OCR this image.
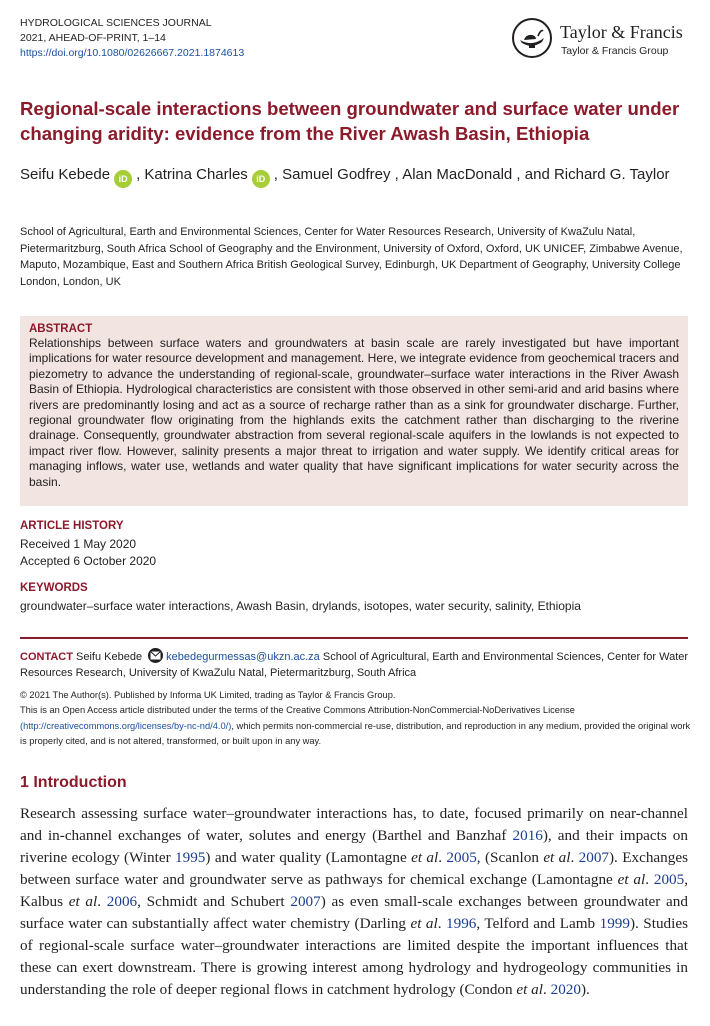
HYDROLOGICAL SCIENCES JOURNAL
2021, AHEAD-OF-PRINT, 1–14
https://doi.org/10.1080/02626667.2021.1874613
Taylor & Francis
Taylor & Francis Group
Regional-scale interactions between groundwater and surface water under changing aridity: evidence from the River Awash Basin, Ethiopia
Seifu Kebede iD , Katrina Charles iD , Samuel Godfrey , Alan MacDonald , and Richard G. Taylor
School of Agricultural, Earth and Environmental Sciences, Center for Water Resources Research, University of KwaZulu Natal, Pietermaritzburg, South Africa School of Geography and the Environment, University of Oxford, Oxford, UK UNICEF, Zimbabwe Avenue, Maputo, Mozambique, East and Southern Africa British Geological Survey, Edinburgh, UK Department of Geography, University College London, London, UK
ABSTRACT
Relationships between surface waters and groundwaters at basin scale are rarely investigated but have important implications for water resource development and management. Here, we integrate evidence from geochemical tracers and piezometry to advance the understanding of regional-scale, groundwater–surface water interactions in the River Awash Basin of Ethiopia. Hydrological characteristics are consistent with those observed in other semi-arid and arid basins where rivers are predominantly losing and act as a source of recharge rather than as a sink for groundwater discharge. Further, regional groundwater flow originating from the highlands exits the catchment rather than discharging to the riverine drainage. Consequently, groundwater abstraction from several regional-scale aquifers in the lowlands is not expected to impact river flow. However, salinity presents a major threat to irrigation and water supply. We identify critical areas for managing inflows, water use, wetlands and water quality that have significant implications for water security across the basin.
ARTICLE HISTORY
Received 1 May 2020
Accepted 6 October 2020
KEYWORDS
groundwater–surface water interactions, Awash Basin, drylands, isotopes, water security, salinity, Ethiopia
CONTACT Seifu Kebede kebedegurmessas@ukzn.ac.za School of Agricultural, Earth and Environmental Sciences, Center for Water Resources Research, University of KwaZulu Natal, Pietermaritzburg, South Africa
© 2021 The Author(s). Published by Informa UK Limited, trading as Taylor & Francis Group.
This is an Open Access article distributed under the terms of the Creative Commons Attribution-NonCommercial-NoDerivatives License
(http://creativecommons.org/licenses/by-nc-nd/4.0/), which permits non-commercial re-use, distribution, and reproduction in any medium, provided the original work is properly cited, and is not altered, transformed, or built upon in any way.
1 Introduction
Research assessing surface water–groundwater interactions has, to date, focused primarily on near-channel and in-channel exchanges of water, solutes and energy (Barthel and Banzhaf 2016), and their impacts on riverine ecology (Winter 1995) and water quality (Lamontagne et al. 2005, (Scanlon et al. 2007). Exchanges between surface water and groundwater serve as pathways for chemical exchange (Lamontagne et al. 2005, Kalbus et al. 2006, Schmidt and Schubert 2007) as even small-scale exchanges between groundwater and surface water can substantially affect water chemistry (Darling et al. 1996, Telford and Lamb 1999). Studies of regional-scale surface water–groundwater interactions are limited despite the important influences that these can exert downstream. There is growing interest among hydrology and hydrogeology communities in understanding the role of deeper regional flows in catchment hydrology (Condon et al. 2020).
